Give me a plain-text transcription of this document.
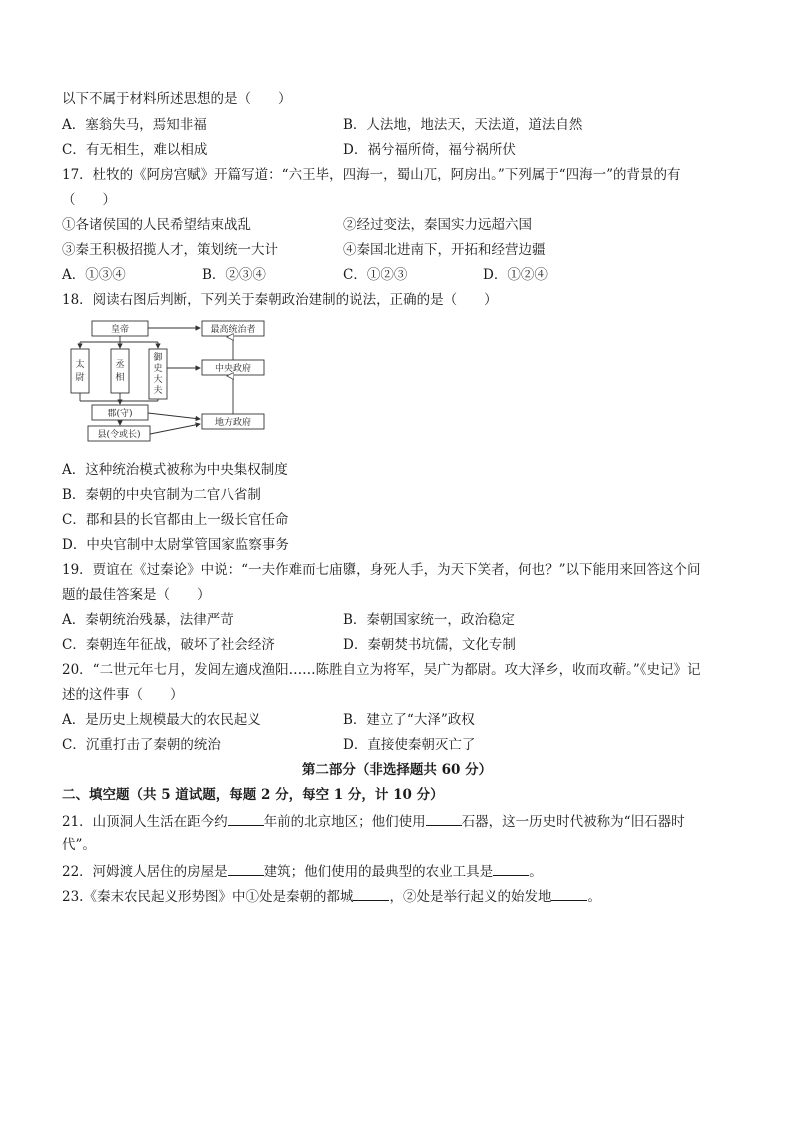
以下不属于材料所述思想的是（　　）
A．塞翁失马，焉知非福	B．人法地，地法天，天法道，道法自然
C．有无相生，难以相成	D．祸兮福所倚，福兮祸所伏
17．杜牧的《阿房宫赋》开篇写道：“六王毕，四海一，蜀山兀，阿房出。”下列属于“四海一”的背景的有
（　　）
①各诸侯国的人民希望结束战乱	②经过变法，秦国实力远超六国
③秦王积极招揽人才，策划统一大计	④秦国北进南下，开拓和经营边疆
A．①③④	B．②③④	C．①②③	D．①②④
18．阅读右图后判断，下列关于秦朝政治建制的说法，正确的是（　　）
皇帝	最高统治者
太
尉
丞
相
御
史
大
夫
中央政府
郡(守)
县(令或长)
地方政府
A．这种统治模式被称为中央集权制度
B．秦朝的中央官制为二官八省制
C．郡和县的长官都由上一级长官任命
D．中央官制中太尉掌管国家监察事务
19．贾谊在《过秦论》中说：“一夫作难而七庙隳，身死人手，为天下笑者，何也？”以下能用来回答这个问
题的最佳答案是（　　）
A．秦朝统治残暴，法律严苛	B．秦朝国家统一，政治稳定
C．秦朝连年征战，破坏了社会经济	D．秦朝焚书坑儒，文化专制
20．“二世元年七月，发闾左適戍渔阳……陈胜自立为将军，吴广为都尉。攻大泽乡，收而攻蕲。”《史记》记
述的这件事（　　）
A．是历史上规模最大的农民起义	B．建立了“大泽”政权
C．沉重打击了秦朝的统治	D．直接使秦朝灭亡了
第二部分（非选择题共 60 分）
二、填空题（共 5 道试题，每题 2 分，每空 1 分，计 10 分）
21．山顶洞人生活在距今约	年前的北京地区；他们使用	石器，这一历史时代被称为“旧石器时
代”。
22．河姆渡人居住的房屋是	建筑；他们使用的最典型的农业工具是	。
23.《秦末农民起义形势图》中①处是秦朝的都城	，②处是举行起义的始发地	。
